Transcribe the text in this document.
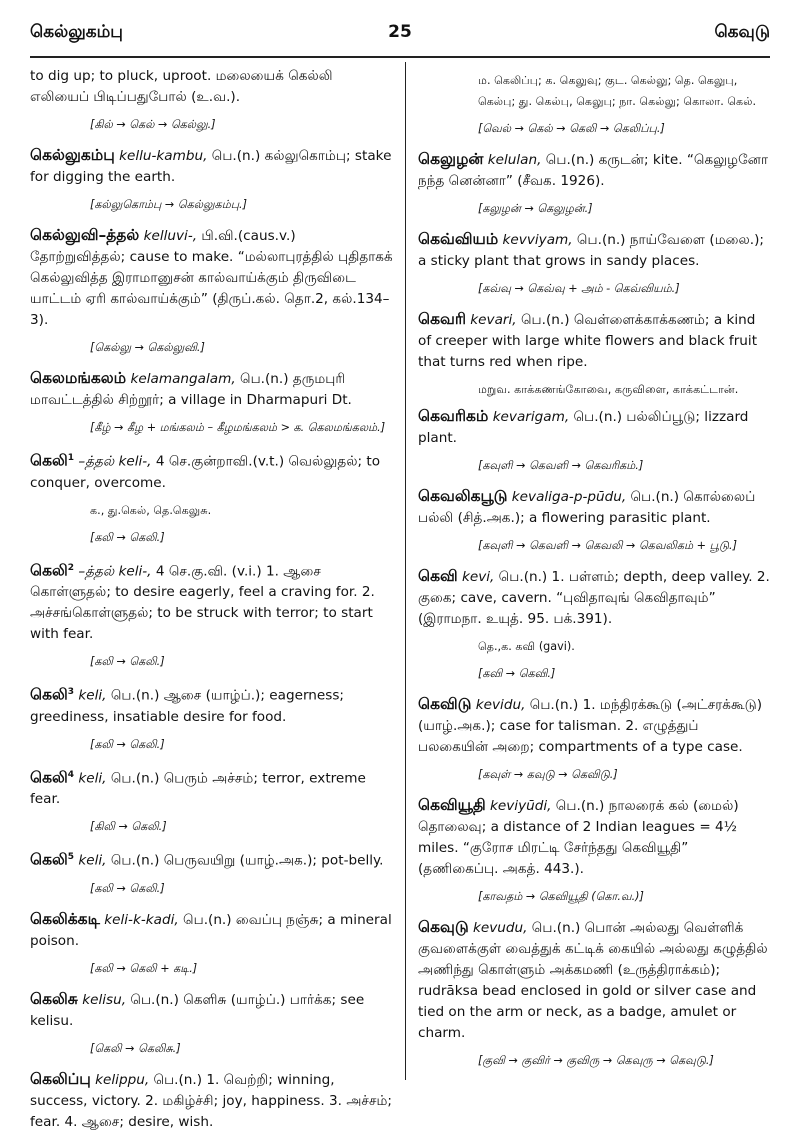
கெல்லுகம்பு	25	கெவுடு
to dig up; to pluck, uproot. மலையைக் கெல்லி எலியைப் பிடிப்பதுபோல் (உ.வ.).
[கில் → கெல் → கெல்லு.]
கெல்லுகம்பு kellu-kambu, பெ.(n.) கல்லுகொம்பு; stake for digging the earth.
[கல்லுகொம்பு → கெல்லுகம்பு.]
கெல்லுவி–த்தல் kelluvi-, பி.வி.(caus.v.) தோற்றுவித்தல்; cause to make. “மல்லாபுரத்தில் புதிதாகக் கெல்லுவித்த இராமானுசன் கால்வாய்க்கும் திருவிடை யாட்டம் ஏரி கால்வாய்க்கும்” (திருப்.கல். தொ.2, கல்.134–3).
[கெல்லு → கெல்லுவி.]
கெலமங்கலம் kelamangalam, பெ.(n.) தருமபுரி மாவட்டத்தில் சிற்றூர்; a village in Dharmapuri Dt.
[கீழ் → கீழ + மங்கலம் – கீழமங்கலம் > க. கெலமங்கலம்.]
கெலி$^1$ –த்தல் keli-, 4 செ.குன்றாவி.(v.t.) வெல்லுதல்; to conquer, overcome.
க., து.கெல், தெ.கெலுசு.
[கலி → கெலி.]
கெலி$^2$ –த்தல் keli-, 4 செ.கு.வி. (v.i.) 1. ஆசை கொள்ளுதல்; to desire eagerly, feel a craving for. 2. அச்சங்கொள்ளுதல்; to be struck with terror; to start with fear.
[கலி → கெலி.]
கெலி$^3$ keli, பெ.(n.) ஆசை (யாழ்ப்.); eagerness; greediness, insatiable desire for food.
[கலி → கெலி.]
கெலி$^4$ keli, பெ.(n.) பெரும் அச்சம்; terror, extreme fear.
[கிலி → கெலி.]
கெலி$^5$ keli, பெ.(n.) பெருவயிறு (யாழ்.அக.); pot-belly.
[கலி → கெலி.]
கெலிக்கடி keli-k-kadi, பெ.(n.) வைப்பு நஞ்சு; a mineral poison.
[கலி → கெலி + கடி.]
கெலிசு kelisu, பெ.(n.) கெளிசு (யாழ்ப்.) பார்க்க; see kelisu.
[கெலி → கெலிசு.]
கெலிப்பு kelippu, பெ.(n.) 1. வெற்றி; winning, success, victory. 2. மகிழ்ச்சி; joy, happiness. 3. அச்சம்; fear. 4. ஆசை; desire, wish.
ம. கெலிப்பு; க. கெலுவு; குட. கெல்லு; தெ. கெலுபு, கெல்பு; து. கெல்பு, கெலுபு; நா. கெல்லு; கொலா. கெல்.
[வெல் → கெல் → கெலி → கெலிப்பு.]
கெலுழன் kelulan, பெ.(n.) கருடன்; kite. “கெலுழனோ நந்த னென்னா” (சீவக. 1926).
[கலுழன் → கெலுழன்.]
கெவ்வியம் kevviyam, பெ.(n.) நாய்வேளை (மலை.); a sticky plant that grows in sandy places.
[கவ்வு → கெவ்வு + அம் - கெவ்வியம்.]
கெவரி kevari, பெ.(n.) வெள்ளைக்காக்கணம்; a kind of creeper with large white flowers and black fruit that turns red when ripe.
மறுவ. காக்கணங்கோவை, கருவிளை, காக்கட்டான்.
கெவரிகம் kevarigam, பெ.(n.) பல்லிப்பூடு; lizzard plant.
[கவுளி → கெவளி → கெவரிகம்.]
கெவலிகபூடு kevaliga-p-pūdu, பெ.(n.) கொல்லைப் பல்லி (சித்.அக.); a flowering parasitic plant.
[கவுளி → கெவளி → கெவலி → கெவலிகம் + பூடு.]
கெவி kevi, பெ.(n.) 1. பள்ளம்; depth, deep valley. 2. குகை; cave, cavern. “புவிதாவுங் கெவிதாவும்” (இராமநா. உயுத். 95. பக்.391).
தெ.,க. கவி (gavi).
[கவி → கெவி.]
கெவிடு kevidu, பெ.(n.) 1. மந்திரக்கூடு (அட்சரக்கூடு) (யாழ்.அக.); case for talisman. 2. எழுத்துப் பலகையின் அறை; compartments of a type case.
[கவுள் → கவுடு → கெவிடு.]
கெவியூதி keviyūdi, பெ.(n.) நாலரைக் கல் (மைல்) தொலைவு; a distance of 2 Indian leagues = 4½ miles. “குரோச மிரட்டி சேர்ந்தது கெவியூதி” (தணிகைப்பு. அகத். 443.).
[காவதம் → கெவியூதி (கொ.வ.)]
கெவுடு kevudu, பெ.(n.) பொன் அல்லது வெள்ளிக் குவளைக்குள் வைத்துக் கட்டிக் கையில் அல்லது கழுத்தில் அணிந்து கொள்ளும் அக்கமணி (உருத்திராக்கம்); rudrāksa bead enclosed in gold or silver case and tied on the arm or neck, as a badge, amulet or charm.
[குவி → குவிர் → குவிரு → கெவுரு → கெவுடு.]
